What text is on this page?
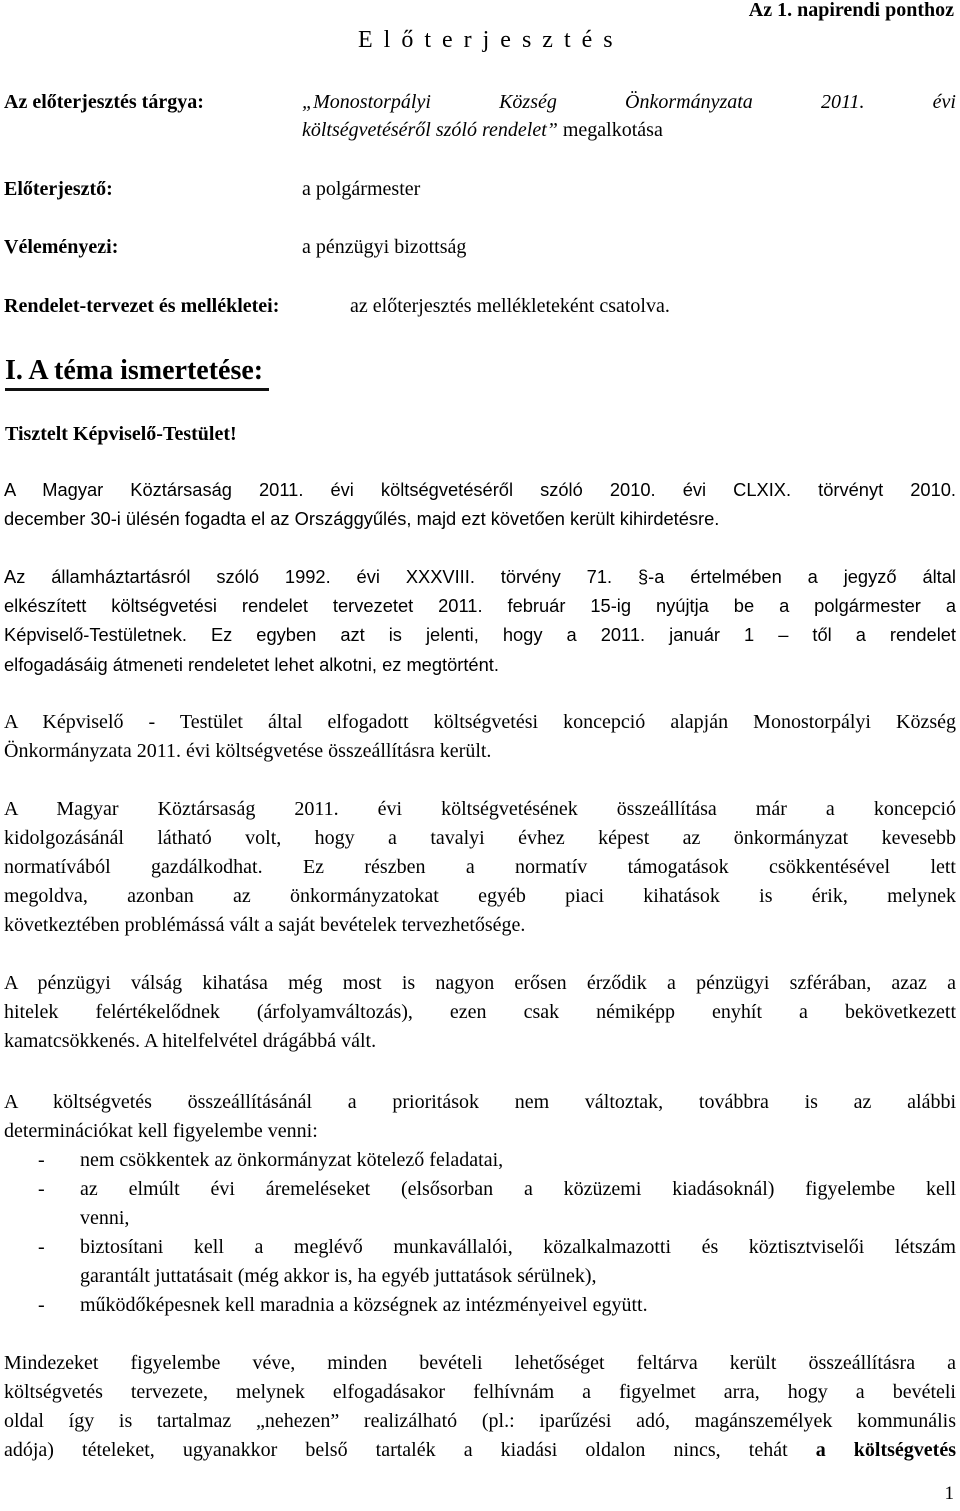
Az 1. napirendi ponthoz
E l ő t e r j e s z t é s
Az előterjesztés tárgya:	„Monostorpályi Község Önkormányzata 2011. évi
költségvetéséről szóló rendelet” megalkotása
Előterjesztő:	a polgármester
Véleményezi:	a pénzügyi bizottság
Rendelet-tervezet és mellékletei:	az előterjesztés mellékleteként csatolva.
I. A téma ismertetése:
Tisztelt Képviselő-Testület!
A Magyar Köztársaság 2011. évi költségvetéséről szóló 2010. évi CLXIX. törvényt 2010.
december 30-i ülésén fogadta el az Országgyűlés, majd ezt követően került kihirdetésre.
Az államháztartásról szóló 1992. évi XXXVIII. törvény 71. §-a értelmében a jegyző által
elkészített költségvetési rendelet tervezetet 2011. február 15-ig nyújtja be a polgármester a
Képviselő-Testületnek. Ez egyben azt is jelenti, hogy a 2011. január 1 – től a rendelet
elfogadásáig átmeneti rendeletet lehet alkotni, ez megtörtént.
A Képviselő - Testület által elfogadott költségvetési koncepció alapján Monostorpályi Község
Önkormányzata 2011. évi költségvetése összeállításra került.
A Magyar Köztársaság 2011. évi költségvetésének összeállítása már a koncepció
kidolgozásánál látható volt, hogy a tavalyi évhez képest az önkormányzat kevesebb
normatívából gazdálkodhat. Ez részben a normatív támogatások csökkentésével lett
megoldva, azonban az önkormányzatokat egyéb piaci kihatások is érik, melynek
következtében problémássá vált a saját bevételek tervezhetősége.
A pénzügyi válság kihatása még most is nagyon erősen érződik a pénzügyi szférában, azaz a
hitelek felértékelődnek (árfolyamváltozás), ezen csak némiképp enyhít a bekövetkezett
kamatcsökkenés. A hitelfelvétel drágábbá vált.
A költségvetés összeállításánál a prioritások nem változtak, továbbra is az alábbi
determinációkat kell figyelembe venni:
- nem csökkentek az önkormányzat kötelező feladatai,
- az elmúlt évi áremeléseket (elsősorban a közüzemi kiadásoknál) figyelembe kell
venni,
- biztosítani kell a meglévő munkavállalói, közalkalmazotti és köztisztviselői létszám
garantált juttatásait (még akkor is, ha egyéb juttatások sérülnek),
- működőképesnek kell maradnia a községnek az intézményeivel együtt.
Mindezeket figyelembe véve, minden bevételi lehetőséget feltárva került összeállításra a
költségvetés tervezete, melynek elfogadásakor felhívnám a figyelmet arra, hogy a bevételi
oldal így is tartalmaz „nehezen” realizálható (pl.: iparűzési adó, magánszemélyek kommunális
adója) tételeket, ugyanakkor belső tartalék a kiadási oldalon nincs, tehát a költségvetés
1
